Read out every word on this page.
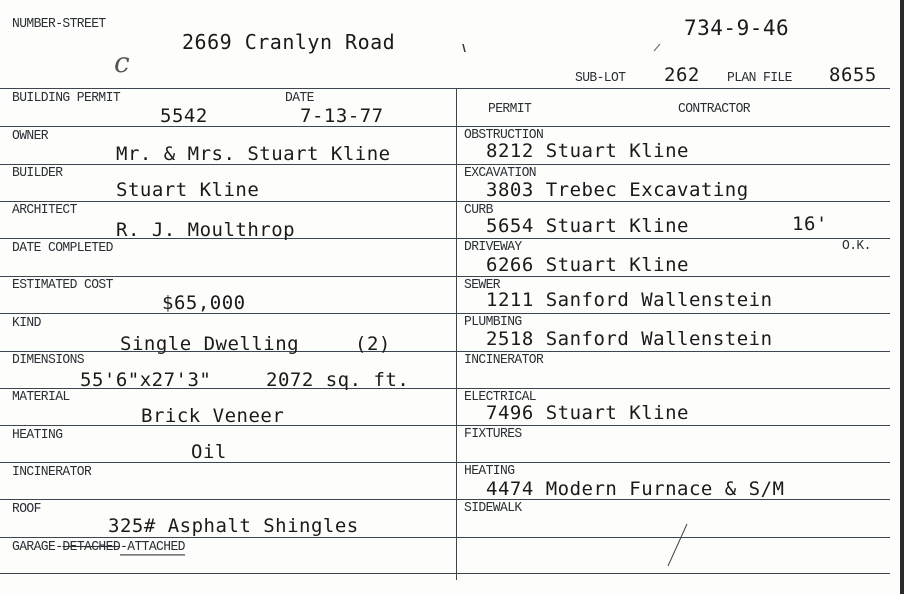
NUMBER-STREET
2669 Cranlyn Road
734-9-46
c	SUB-LOT 262 PLAN FILE 8655
BUILDING PERMIT	DATE
5542	7-13-77
OWNER
Mr. & Mrs. Stuart Kline
BUILDER
Stuart Kline
ARCHITECT
R. J. Moulthrop
DATE COMPLETED
ESTIMATED COST
$65,000
KIND
Single Dwelling	(2)
DIMENSIONS
55'6"x27'3"	2072 sq. ft.
MATERIAL
Brick Veneer
HEATING
Oil
INCINERATOR
ROOF
325# Asphalt Shingles
GARAGE-DETACHED-ATTACHED
PERMIT	CONTRACTOR
OBSTRUCTION
8212 Stuart Kline
EXCAVATION
3803 Trebec Excavating
CURB
5654 Stuart Kline	16'
O.K.
DRIVEWAY
6266 Stuart Kline
SEWER
1211 Sanford Wallenstein
PLUMBING
2518 Sanford Wallenstein
INCINERATOR
ELECTRICAL
7496 Stuart Kline
FIXTURES
HEATING
4474 Modern Furnace & S/M
SIDEWALK
